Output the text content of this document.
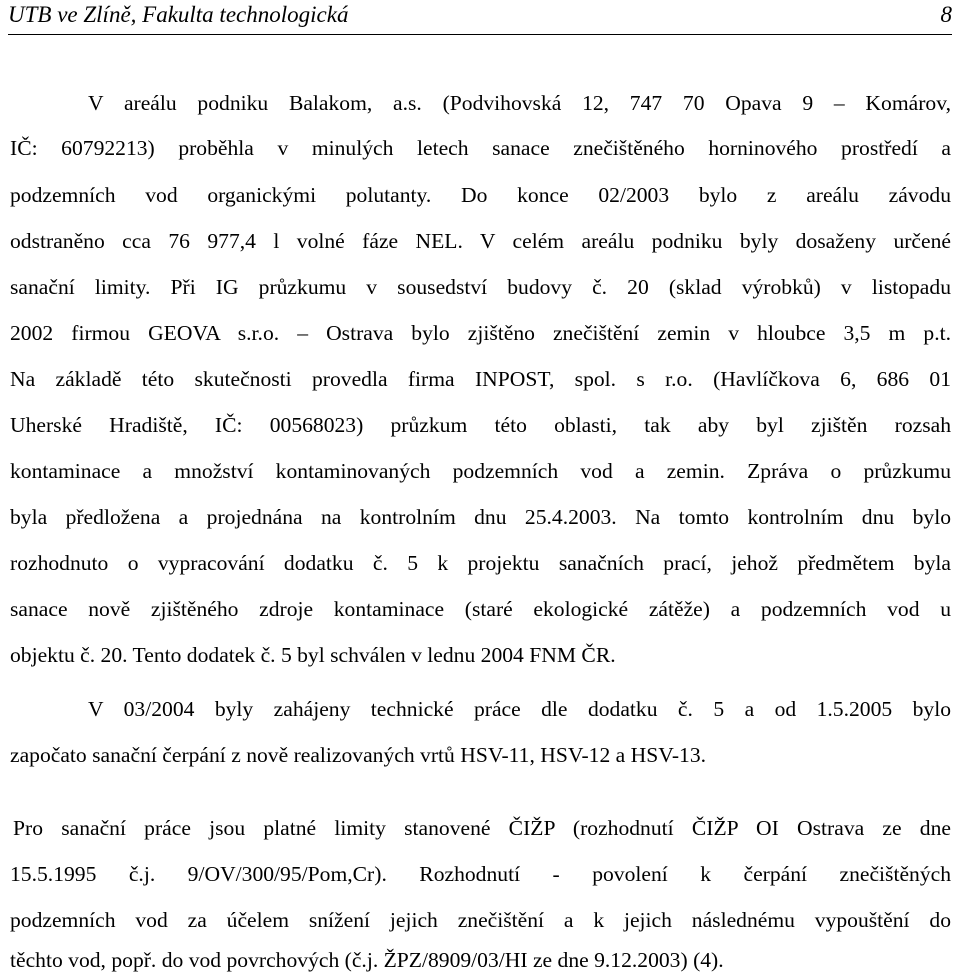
UTB ve Zlíně, Fakulta technologická	8
V areálu podniku Balakom, a.s. (Podvihovská 12, 747 70 Opava 9 – Komárov,
IČ: 60792213) proběhla v minulých letech sanace znečištěného horninového prostředí a
podzemních vod organickými polutanty. Do konce 02/2003 bylo z areálu závodu
odstraněno cca 76 977,4 l volné fáze NEL. V celém areálu podniku byly dosaženy určené
sanační limity. Při IG průzkumu v sousedství budovy č. 20 (sklad výrobků) v listopadu
2002 firmou GEOVA s.r.o. – Ostrava bylo zjištěno znečištění zemin v hloubce 3,5 m p.t.
Na základě této skutečnosti provedla firma INPOST, spol. s r.o. (Havlíčkova 6, 686 01
Uherské Hradiště, IČ: 00568023) průzkum této oblasti, tak aby byl zjištěn rozsah
kontaminace a množství kontaminovaných podzemních vod a zemin. Zpráva o průzkumu
byla předložena a projednána na kontrolním dnu 25.4.2003. Na tomto kontrolním dnu bylo
rozhodnuto o vypracování dodatku č. 5 k projektu sanačních prací, jehož předmětem byla
sanace nově zjištěného zdroje kontaminace (staré ekologické zátěže) a podzemních vod u
objektu č. 20. Tento dodatek č. 5 byl schválen v lednu 2004 FNM ČR.
V 03/2004 byly zahájeny technické práce dle dodatku č. 5 a od 1.5.2005 bylo
započato sanační čerpání z nově realizovaných vrtů HSV-11, HSV-12 a HSV-13.
Pro sanační práce jsou platné limity stanovené ČIŽP (rozhodnutí ČIŽP OI Ostrava ze dne
15.5.1995 č.j. 9/OV/300/95/Pom,Cr). Rozhodnutí - povolení k čerpání znečištěných
podzemních vod za účelem snížení jejich znečištění a k jejich následnému vypouštění do
těchto vod, popř. do vod povrchových (č.j. ŽPZ/8909/03/HI ze dne 9.12.2003) (4).
